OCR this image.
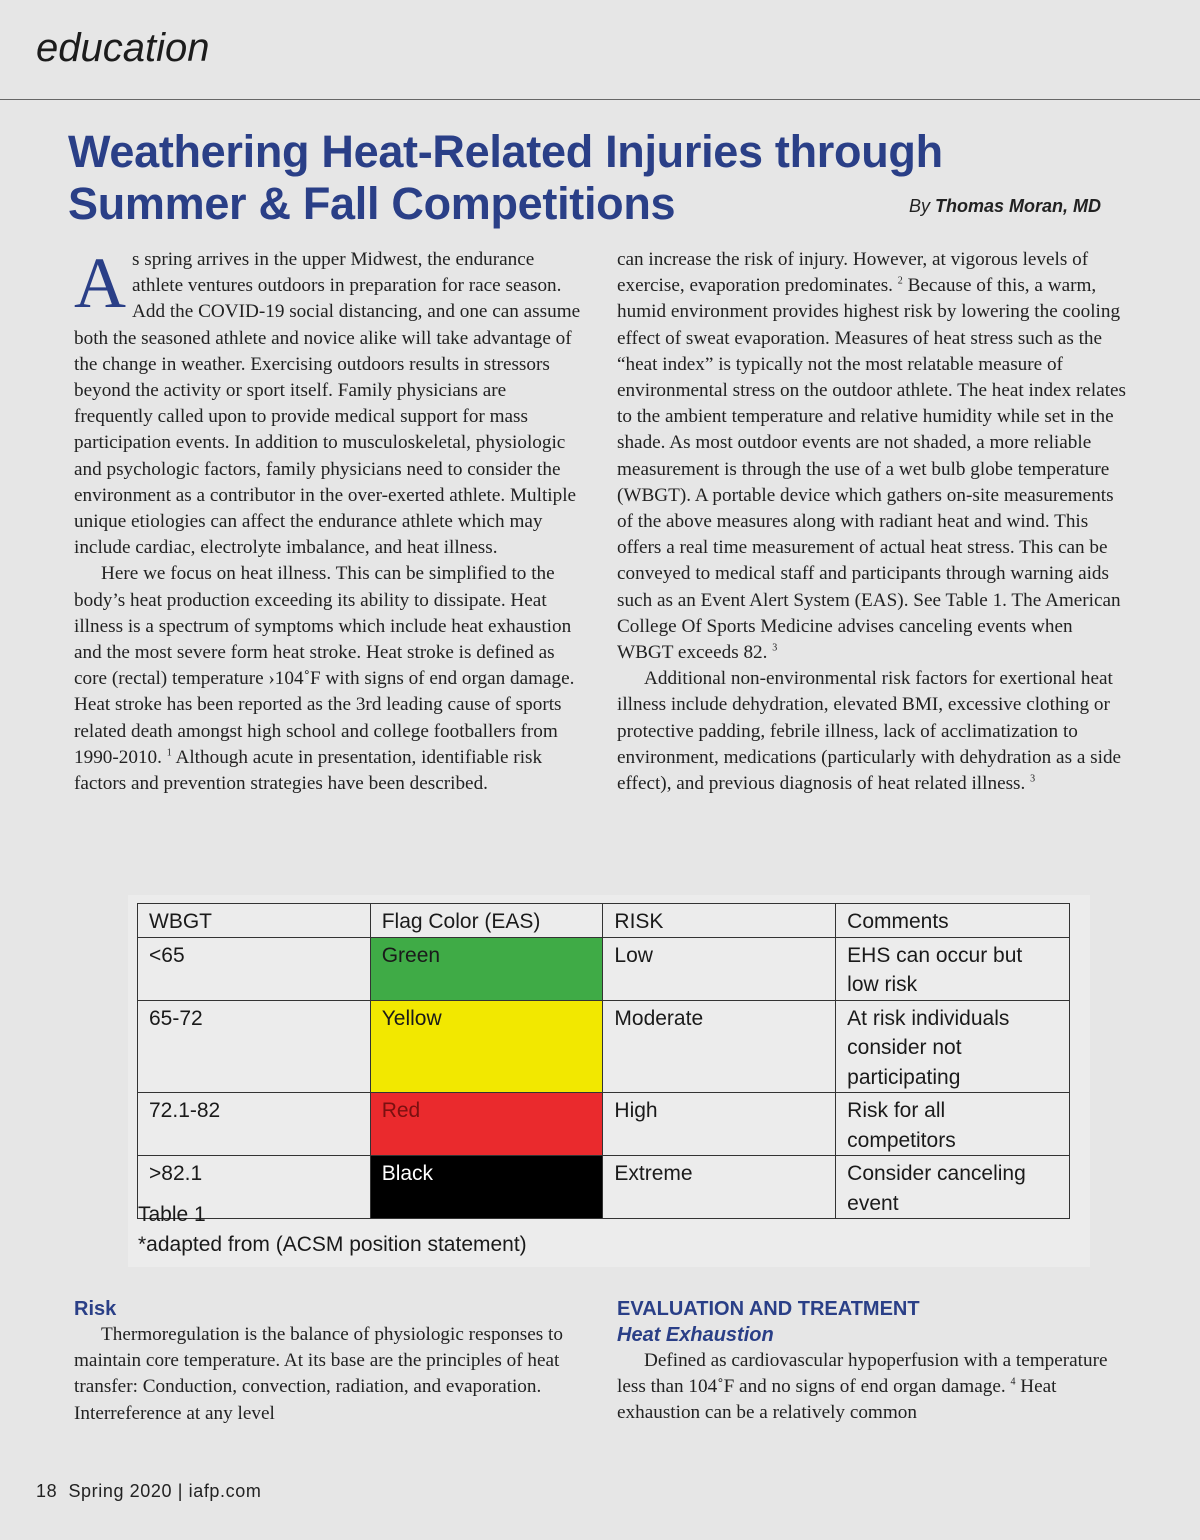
education
Weathering Heat-Related Injuries through Summer & Fall Competitions	By Thomas Moran, MD

As spring arrives in the upper Midwest, the endurance athlete ventures outdoors in preparation for race season. Add the COVID-19 social distancing, and one can assume both the seasoned athlete and novice alike will take advantage of the change in weather. Exercising outdoors results in stressors beyond the activity or sport itself. Family physicians are frequently called upon to provide medical support for mass participation events. In addition to musculoskeletal, physiologic and psychologic factors, family physicians need to consider the environment as a contributor in the over-exerted athlete. Multiple unique etiologies can affect the endurance athlete which may include cardiac, electrolyte imbalance, and heat illness.

Here we focus on heat illness. This can be simplified to the body’s heat production exceeding its ability to dissipate. Heat illness is a spectrum of symptoms which include heat exhaustion and the most severe form heat stroke. Heat stroke is defined as core (rectal) temperature ›104˚F with signs of end organ damage. Heat stroke has been reported as the 3rd leading cause of sports related death amongst high school and college footballers from 1990-2010. $^1$ Although acute in presentation, identifiable risk factors and prevention strategies have been described.

can increase the risk of injury. However, at vigorous levels of exercise, evaporation predominates. $^2$ Because of this, a warm, humid environment provides highest risk by lowering the cooling effect of sweat evaporation. Measures of heat stress such as the “heat index” is typically not the most relatable measure of environmental stress on the outdoor athlete. The heat index relates to the ambient temperature and relative humidity while set in the shade. As most outdoor events are not shaded, a more reliable measurement is through the use of a wet bulb globe temperature (WBGT). A portable device which gathers on-site measurements of the above measures along with radiant heat and wind. This offers a real time measurement of actual heat stress. This can be conveyed to medical staff and participants through warning aids such as an Event Alert System (EAS). See Table 1. The American College Of Sports Medicine advises canceling events when WBGT exceeds 82. $^3$

Additional non-environmental risk factors for exertional heat illness include dehydration, elevated BMI, excessive clothing or protective padding, febrile illness, lack of acclimatization to environment, medications (particularly with dehydration as a side effect), and previous diagnosis of heat related illness. $^3$

WBGT	Flag Color (EAS)	RISK	Comments
<65	Green	Low	EHS can occur but low risk
65-72	Yellow	Moderate	At risk individuals consider not participating
72.1-82	Red	High	Risk for all competitors
>82.1	Black	Extreme	Consider canceling event
Table 1
*adapted from (ACSM position statement)
Risk

Thermoregulation is the balance of physiologic responses to maintain core temperature. At its base are the principles of heat transfer: Conduction, convection, radiation, and evaporation. Interreference at any level

EVALUATION AND TREATMENT
Heat Exhaustion

Defined as cardiovascular hypoperfusion with a temperature less than 104˚F and no signs of end organ damage. $^4$ Heat exhaustion can be a relatively common

18 Spring 2020 | iafp.com
